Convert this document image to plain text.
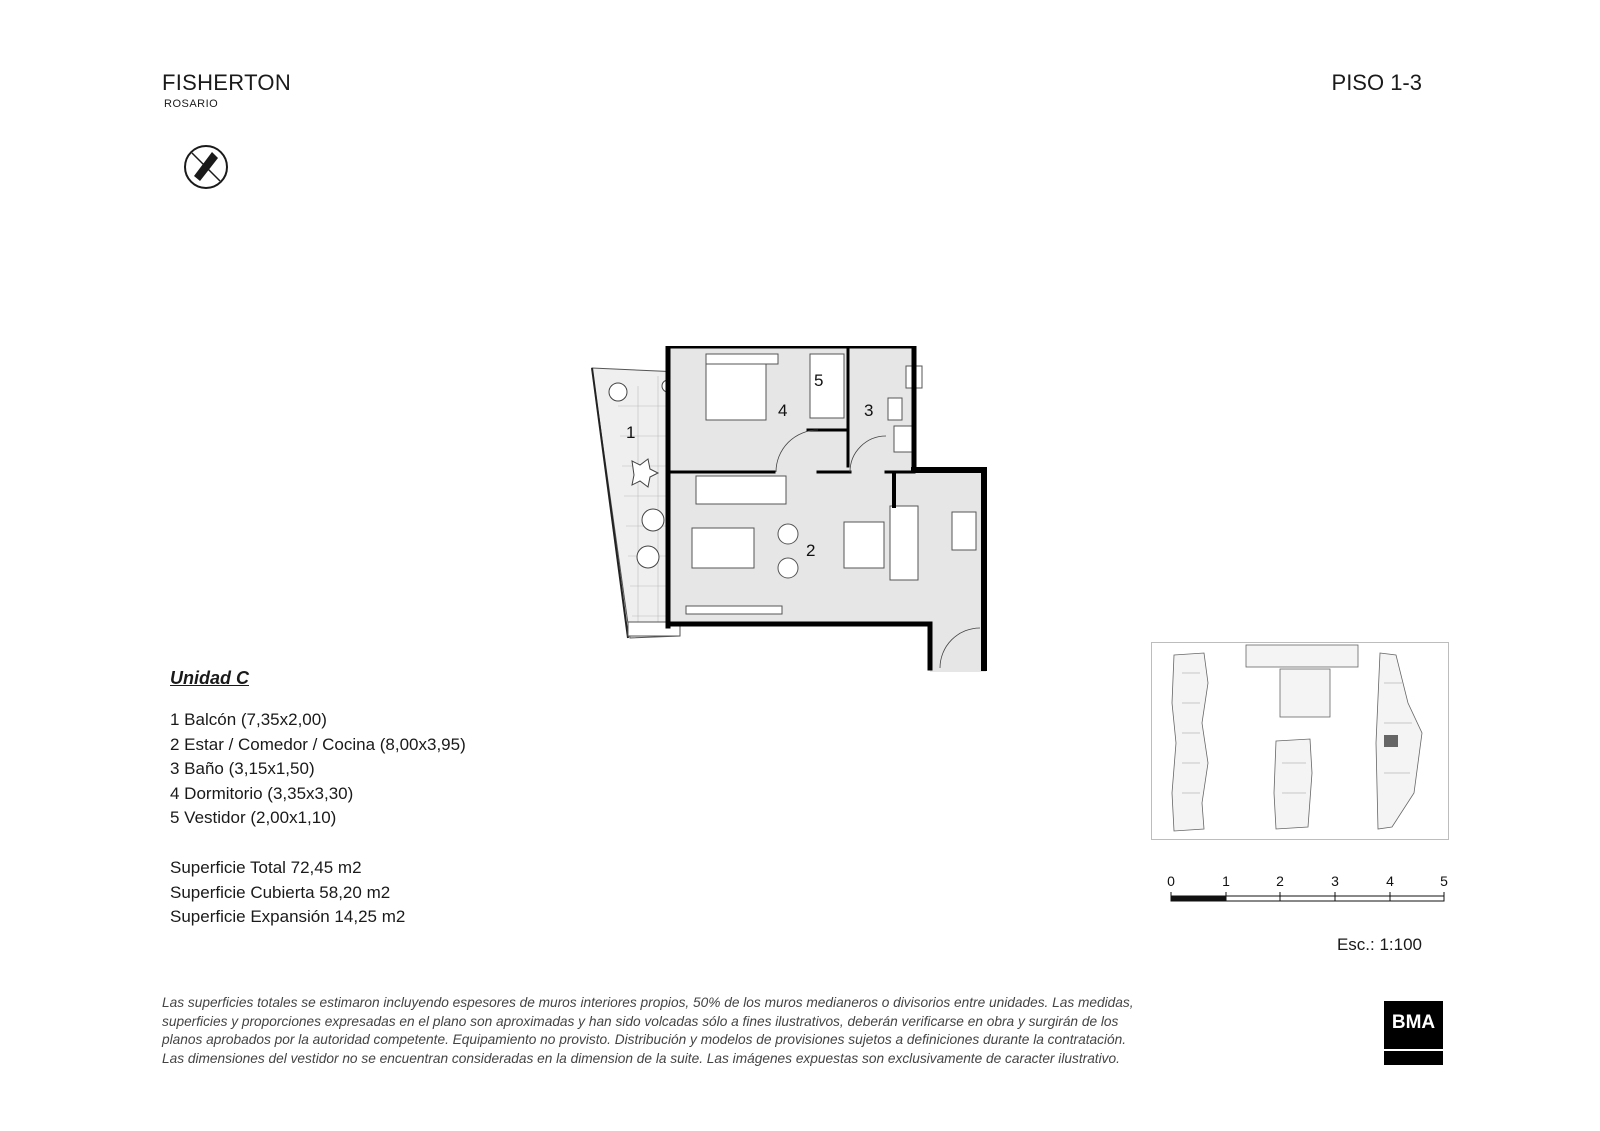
FISHERTON
ROSARIO
PISO 1-3
1
2
3
4
5
Unidad C
1 Balcón (7,35x2,00)
2 Estar / Comedor / Cocina (8,00x3,95)
3 Baño (3,15x1,50)
4 Dormitorio (3,35x3,30)
5 Vestidor (2,00x1,10)
Superficie Total 72,45 m2
Superficie Cubierta 58,20 m2
Superficie Expansión 14,25 m2
0	1	2	3	4	5
Esc.: 1:100
Las superficies totales se estimaron incluyendo espesores de muros interiores propios, 50% de los muros medianeros o divisorios entre unidades. Las medidas,
superficies y proporciones expresadas en el plano son aproximadas y han sido volcadas sólo a fines ilustrativos, deberán verificarse en obra y surgirán de los
planos aprobados por la autoridad competente. Equipamiento no provisto. Distribución y modelos de provisiones sujetos a definiciones durante la contratación.
Las dimensiones del vestidor no se encuentran consideradas en la dimension de la suite. Las imágenes expuestas son exclusivamente de caracter ilustrativo.
BMA
